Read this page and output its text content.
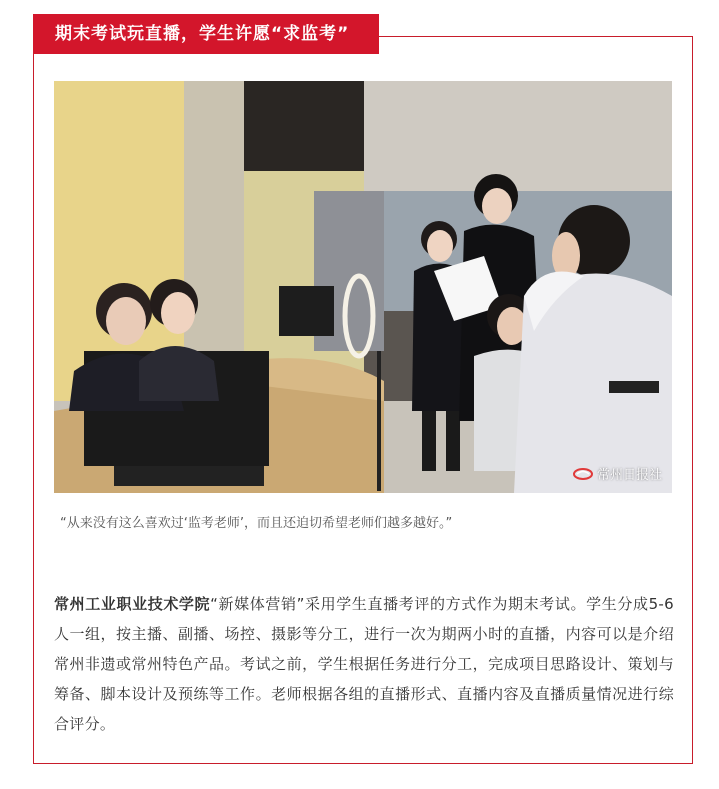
期末考试玩直播，学生许愿“求监考”
常州日报社
“从来没有这么喜欢过‘监考老师’，而且还迫切希望老师们越多越好。”
常州工业职业技术学院“新媒体营销”采用学生直播考评的方式作为期末考试。学生分成5-6人一组，按主播、副播、场控、摄影等分工，进行一次为期两小时的直播，内容可以是介绍常州非遗或常州特色产品。考试之前，学生根据任务进行分工，完成项目思路设计、策划与筹备、脚本设计及预练等工作。老师根据各组的直播形式、直播内容及直播质量情况进行综合评分。
